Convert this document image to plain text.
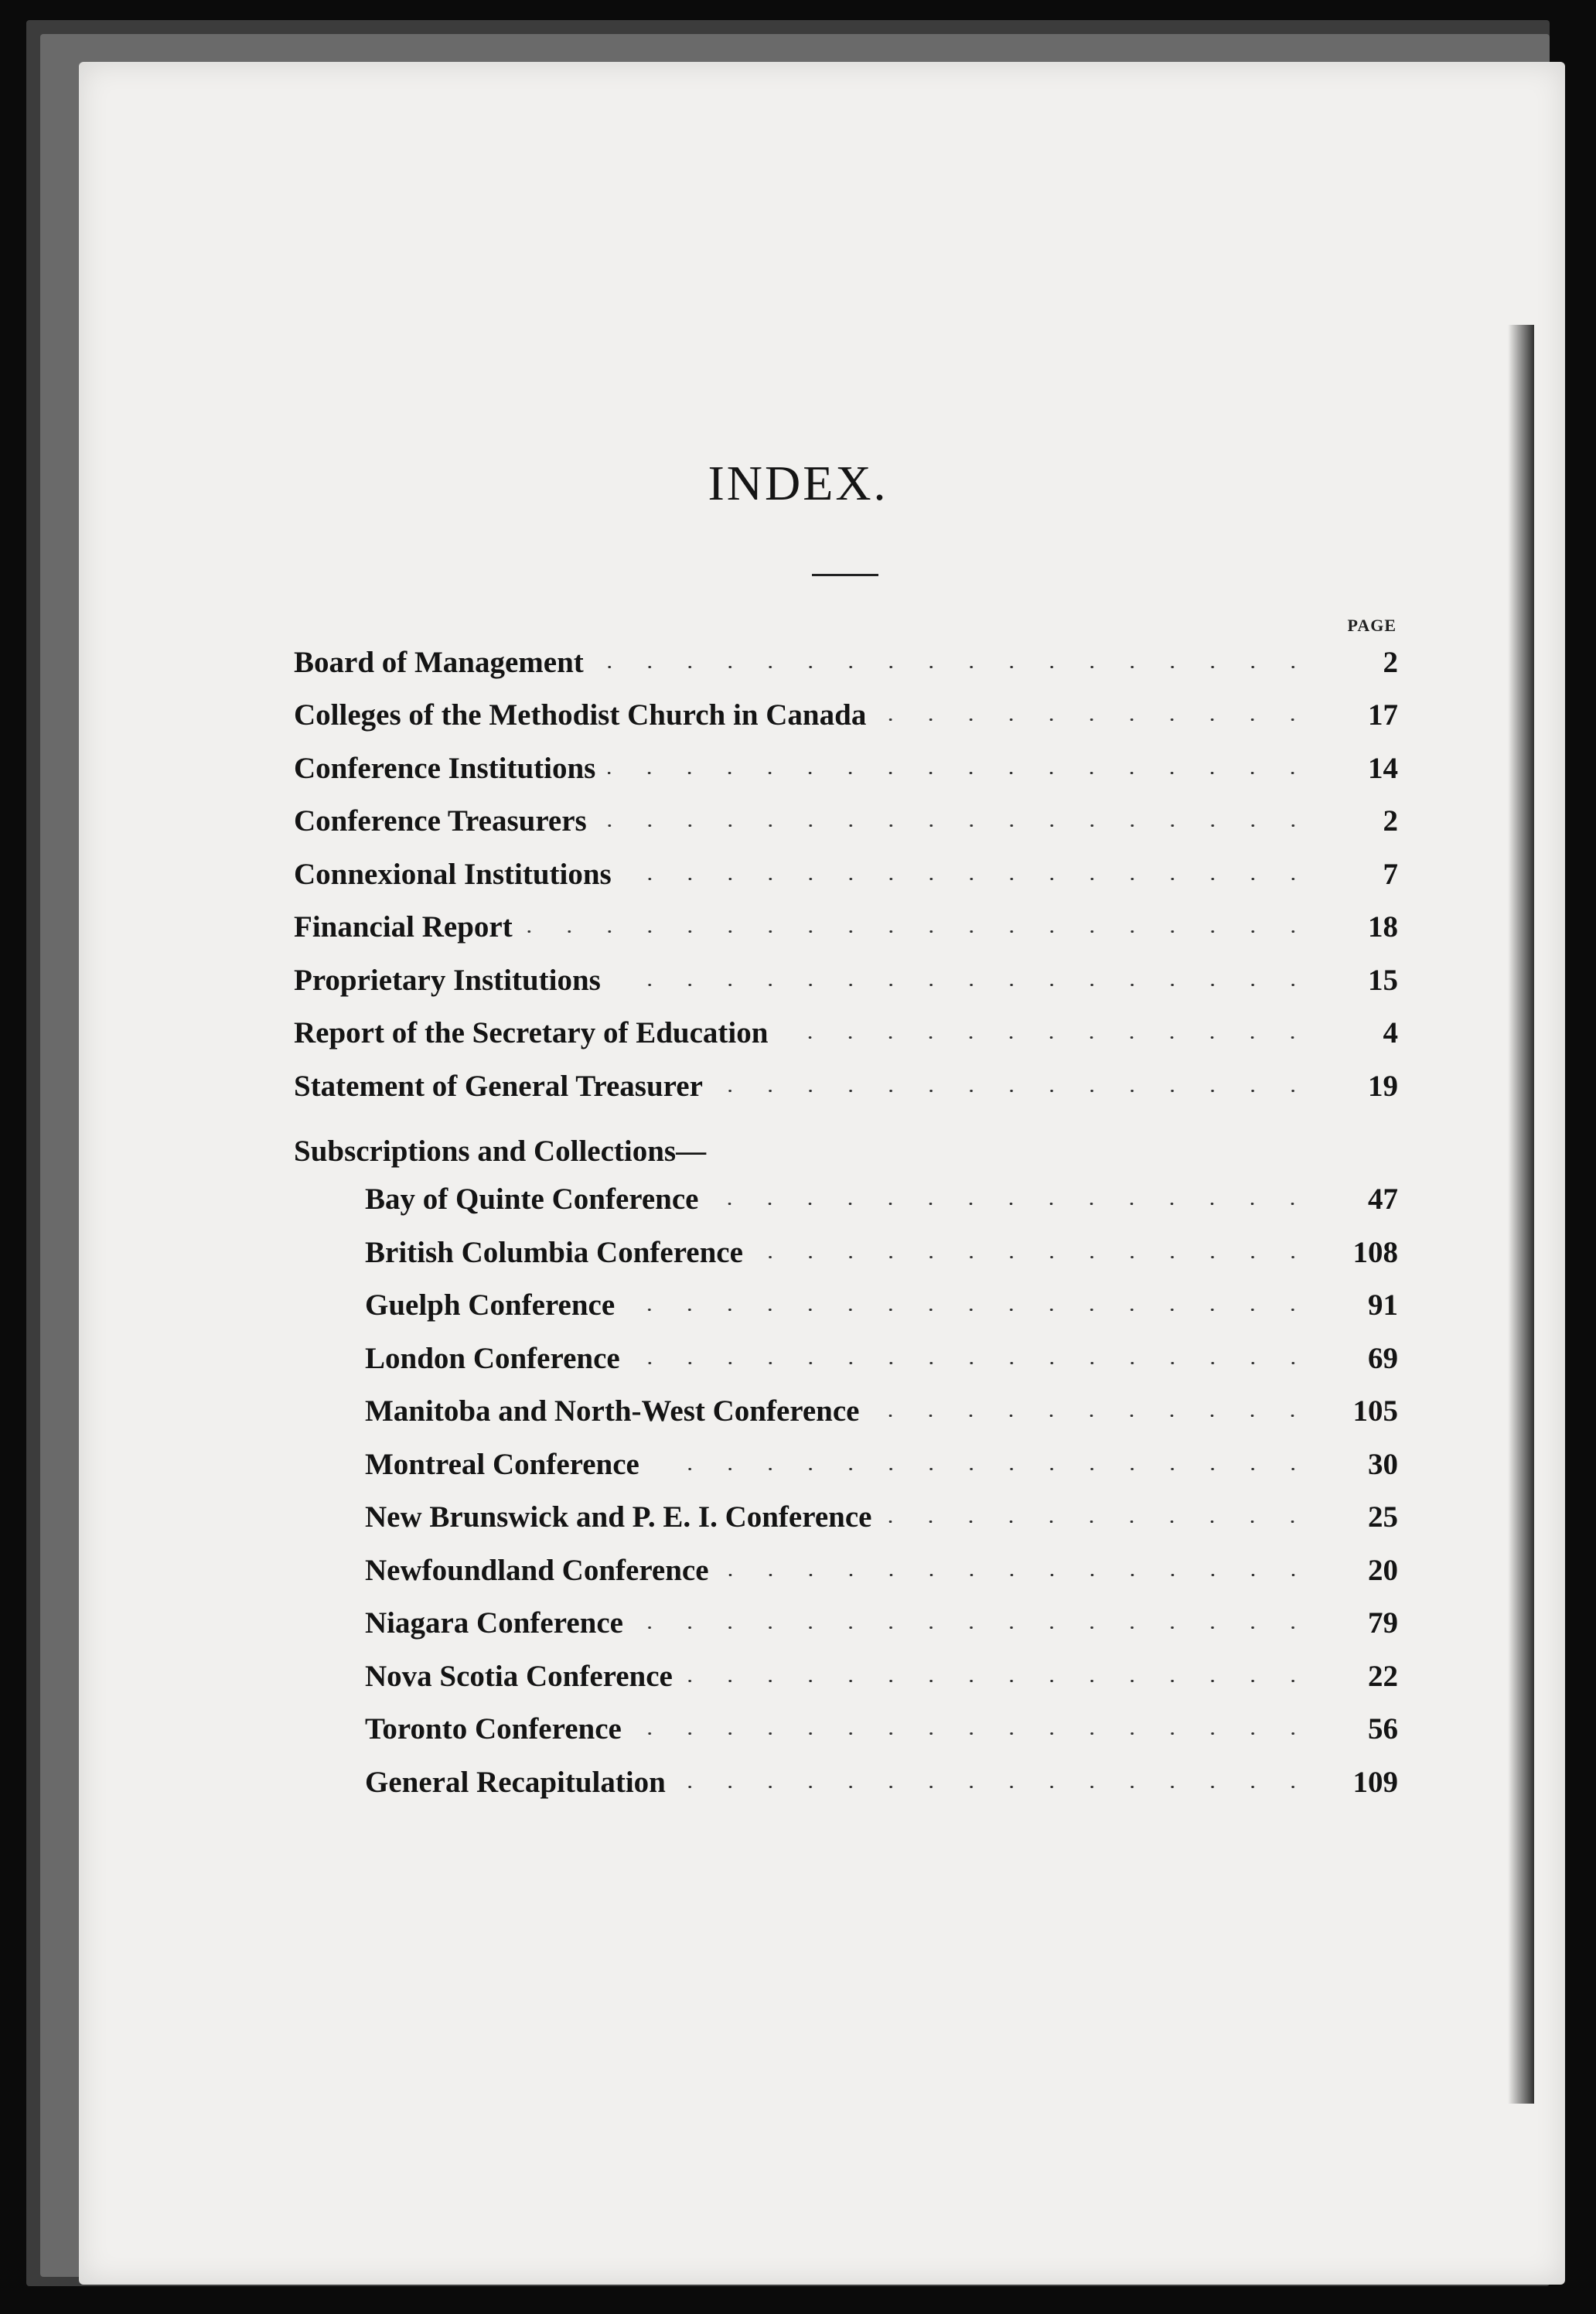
INDEX.
PAGE
Board of Management	2
Colleges of the Methodist Church in Canada	17
Conference Institutions	14
Conference Treasurers	2
Connexional Institutions	7
Financial Report	18
Proprietary Institutions	15
Report of the Secretary of Education	4
Statement of General Treasurer	19
Subscriptions and Collections—
Bay of Quinte Conference	47
British Columbia Conference	108
Guelph Conference	91
London Conference	69
Manitoba and North-West Conference	105
Montreal Conference	30
New Brunswick and P. E. I. Conference	25
Newfoundland Conference	20
Niagara Conference	79
Nova Scotia Conference	22
Toronto Conference	56
General Recapitulation	109
